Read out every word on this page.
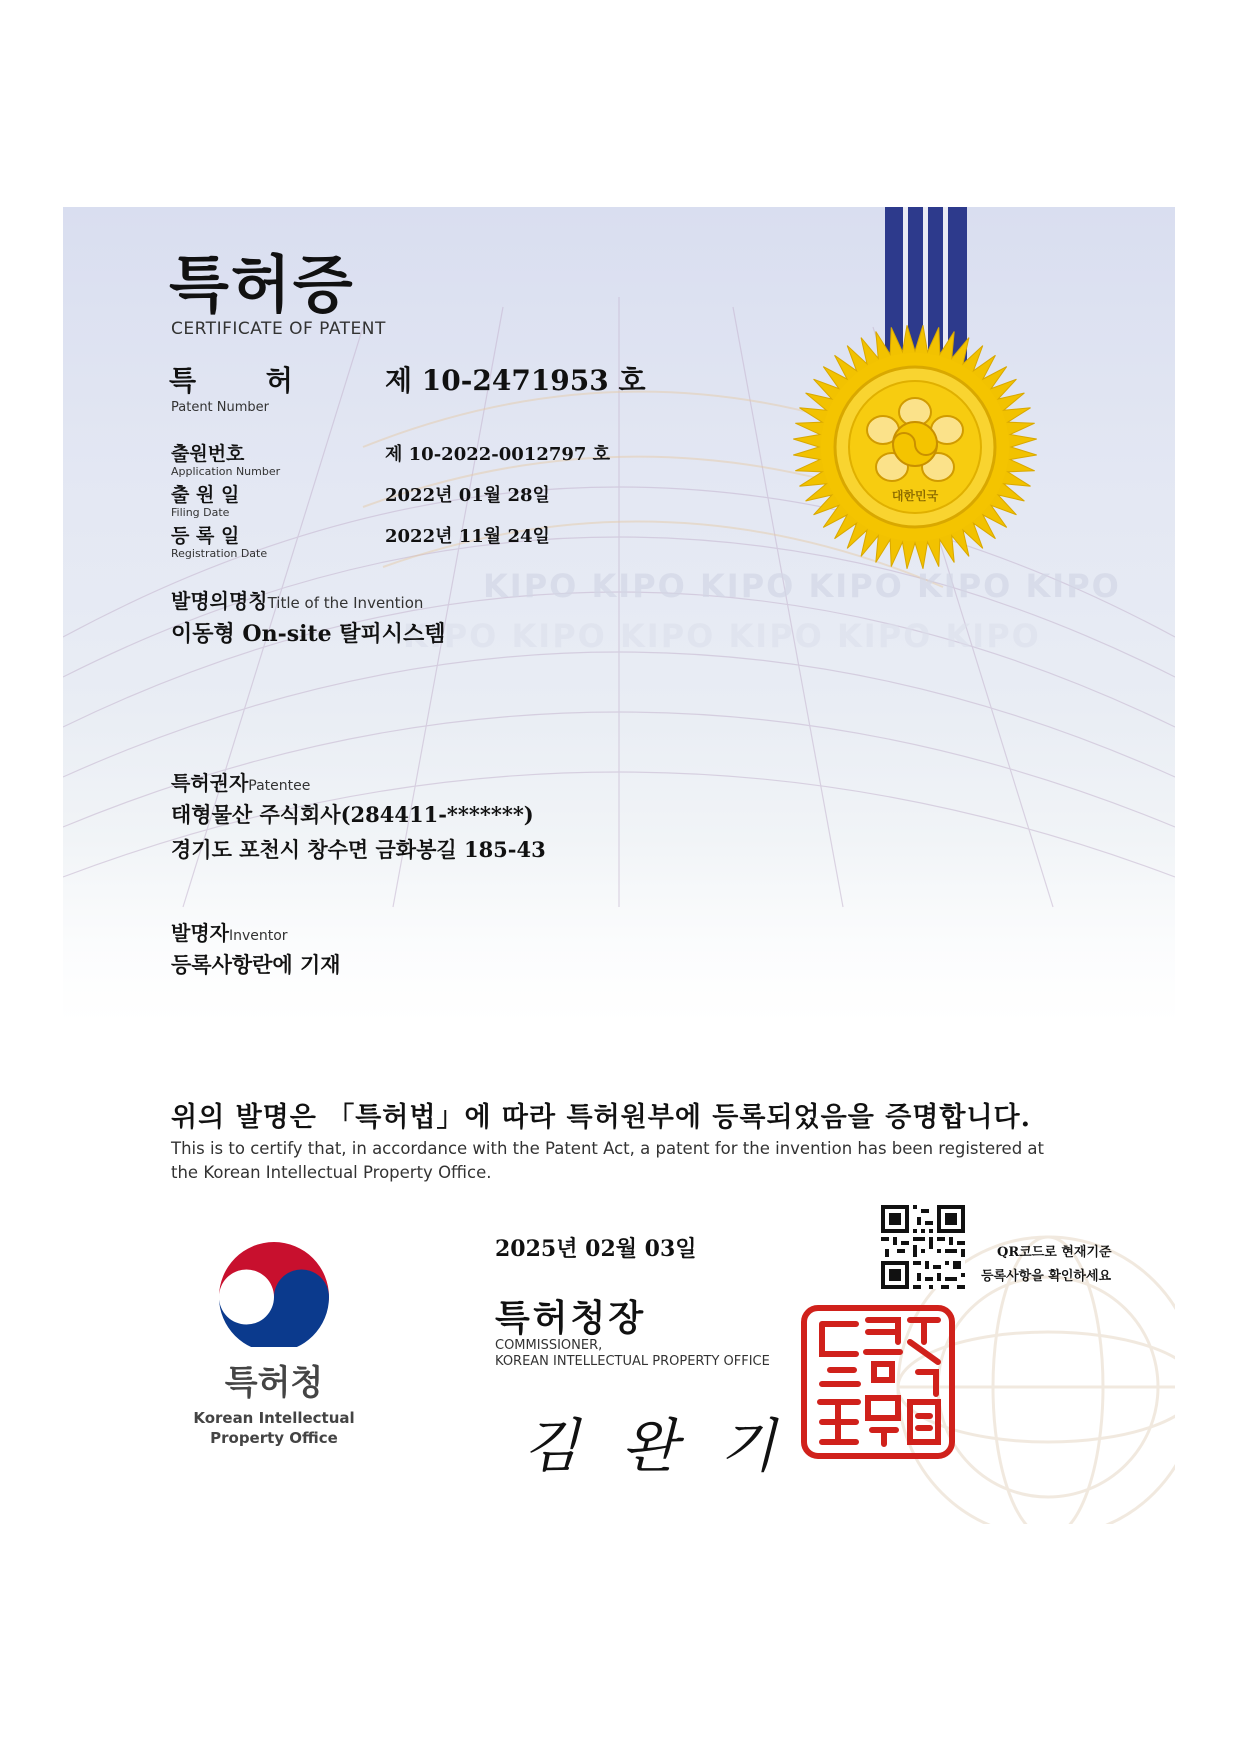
KIPO KIPO KIPO KIPO KIPO KIPO
KIPO KIPO KIPO KIPO KIPO KIPO
대한민국
특허증
CERTIFICATE OF PATENT
특 허
Patent Number
제 10-2471953 호
출원번호
Application Number
제 10-2022-0012797 호
출 원 일
Filing Date
2022년 01월 28일
등 록 일
Registration Date
2022년 11월 24일
발명의명칭Title of the Invention
이동형 On-site 탈피시스템
특허권자Patentee
태형물산 주식회사(284411-*******)
경기도 포천시 창수면 금화봉길 185-43
발명자Inventor
등록사항란에 기재
위의 발명은 「특허법」에 따라 특허원부에 등록되었음을 증명합니다.
This is to certify that, in accordance with the Patent Act, a patent for the invention has been registered at
the Korean Intellectual Property Office.
2025년 02월 03일	QR코드로 현재기준
등록사항을 확인하세요
특허청장
COMMISSIONER,
KOREAN INTELLECTUAL PROPERTY OFFICE
김 완 기
특허청
Korean Intellectual
Property Office
